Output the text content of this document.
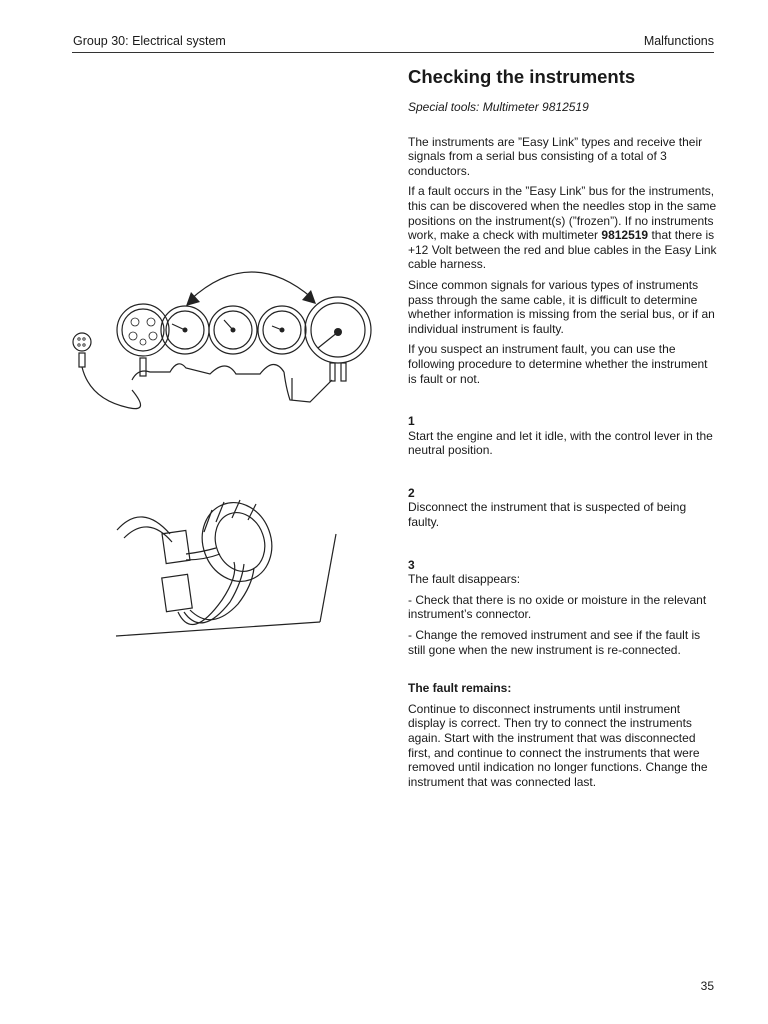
Group 30: Electrical system	Malfunctions
Checking the instruments
Special tools: Multimeter 9812519

The instruments are ”Easy Link” types and receive their signals from a serial bus consisting of a total of 3 conductors.

If a fault occurs in the ”Easy Link” bus for the instruments, this can be discovered when the needles stop in the same positions on the instrument(s) (”frozen”). If no instruments work, make a check with multimeter 9812519 that there is +12 Volt between the red and blue cables in the Easy Link cable harness.

Since common signals for various types of instruments pass through the same cable, it is difficult to determine whether information is missing from the serial bus, or if an individual instrument is faulty.

If you suspect an instrument fault, you can use the following procedure to determine whether the instrument is fault or not.

1

Start the engine and let it idle, with the control lever in the neutral position.

2

Disconnect the instrument that is suspected of being faulty.

3

The fault disappears:

- Check that there is no oxide or moisture in the relevant instrument’s connector.

- Change the removed instrument and see if the fault is still gone when the new instrument is re-connected.

The fault remains:

Continue to disconnect instruments until instrument display is correct. Then try to connect the instruments again. Start with the instrument that was disconnected first, and continue to connect the instruments that were removed until indication no longer functions. Change the instrument that was connected last.

35
